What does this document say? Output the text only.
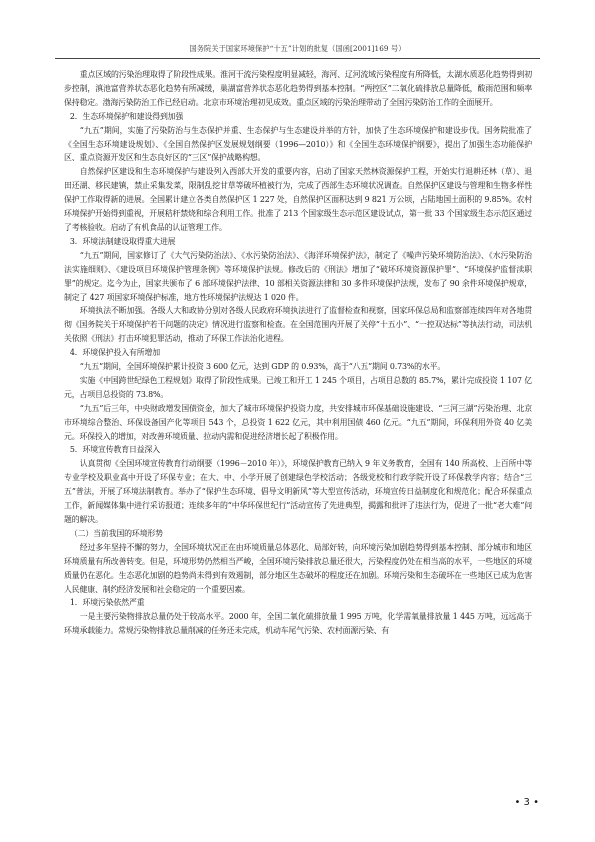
国务院关于国家环境保护“十五”计划的批复（国函[2001]169 号）

重点区域的污染治理取得了阶段性成果。淮河干流污染程度明显减轻，海河、辽河流域污染程度有所降低，太湖水质恶化趋势得到初步控制，滇池富营养状态恶化趋势有所减缓，巢湖富营养状态恶化趋势得到基本控制。“两控区”二氧化硫排放总量降低，酸雨范围和频率保持稳定。渤海污染防治工作已经启动。北京市环境治理初见成效。重点区域的污染治理带动了全国污染防治工作的全面展开。

2．生态环境保护和建设得到加强

“九五”期间，实施了污染防治与生态保护并重、生态保护与生态建设并举的方针，加快了生态环境保护和建设步伐。国务院批准了《全国生态环境建设规划》、《全国自然保护区发展规划纲要（1996—2010）》和《全国生态环境保护纲要》，提出了加强生态功能保护区、重点资源开发区和生态良好区的“三区”保护战略构想。

自然保护区建设和生态环境保护与建设列入西部大开发的重要内容，启动了国家天然林资源保护工程，开始实行退耕还林（草）、退田还湖、移民建镇，禁止采集发菜，限制乱挖甘草等破坏植被行为，完成了西部生态环境状况调查。自然保护区建设与管理和生物多样性保护工作取得新的进展。全国累计建立各类自然保护区 1 227 处，自然保护区面积达到 9 821 万公顷，占陆地国土面积的 9.85%。农村环境保护开始得到重视，开展秸秆禁烧和综合利用工作。批准了 213 个国家级生态示范区建设试点，第一批 33 个国家级生态示范区通过了考核验收。启动了有机食品的认证管理工作。

3．环境法制建设取得重大进展

“九五”期间，国家修订了《大气污染防治法》、《水污染防治法》、《海洋环境保护法》，制定了《噪声污染环境防治法》、《水污染防治法实施细则》、《建设项目环境保护管理条例》等环境保护法规。修改后的《刑法》增加了“破坏环境资源保护罪”、“环境保护监督渎职罪”的规定。迄今为止，国家共颁布了 6 部环境保护法律、10 部相关资源法律和 30 多件环境保护法规，发布了 90 余件环境保护规章，制定了 427 项国家环境保护标准，地方性环境保护法规达 1 020 件。

环境执法不断加强。各级人大和政协分别对各级人民政府环境执法进行了监督检查和视察，国家环保总局和监察部连续四年对各地贯彻《国务院关于环境保护若干问题的决定》情况进行监察和检查。在全国范围内开展了关停“十五小”、“一控双达标”等执法行动，司法机关依照《刑法》打击环境犯罪活动，推动了环保工作法治化进程。

4．环境保护投入有所增加

“九五”期间，全国环境保护累计投资 3 600 亿元，达到 GDP 的 0.93%，高于“八五”期间 0.73%的水平。

实施《中国跨世纪绿色工程规划》取得了阶段性成果。已竣工和开工 1 245 个项目，占项目总数的 85.7%，累计完成投资 1 107 亿元，占项目总投资的 73.8%。

“九五”后三年，中央财政增发国债资金，加大了城市环境保护投资力度，共安排城市环保基础设施建设、“三河三湖”污染治理、北京市环境综合整治、环保设备国产化等项目 543 个，总投资 1 622 亿元，其中利用国债 460 亿元。“九五”期间，环保利用外资 40 亿美元。环保投入的增加，对改善环境质量、拉动内需和促进经济增长起了积极作用。

5．环境宣传教育日益深入

认真贯彻《全国环境宣传教育行动纲要（1996－2010 年）》，环境保护教育已纳入 9 年义务教育，全国有 140 所高校、上百所中等专业学校及职业高中开设了环保专业；在大、中、小学开展了创建绿色学校活动；各级党校和行政学院开设了环保教学内容；结合“三五”普法，开展了环境法制教育。举办了“保护生态环境、倡导文明新风”等大型宣传活动，环境宣传日益制度化和规范化；配合环保重点工作，新闻媒体集中进行采访报道；连续多年的“中华环保世纪行”活动宣传了先进典型，揭露和批评了违法行为，促进了一批“老大难”问题的解决。

（二）当前我国的环境形势

经过多年坚持不懈的努力，全国环境状况正在由环境质量总体恶化、局部好转，向环境污染加剧趋势得到基本控制、部分城市和地区环境质量有所改善转变。但是，环境形势仍然相当严峻，全国环境污染排放总量还很大，污染程度仍处在相当高的水平，一些地区的环境质量仍在恶化。生态恶化加剧的趋势尚未得到有效遏制，部分地区生态破坏的程度还在加剧。环境污染和生态破坏在一些地区已成为危害人民健康、制约经济发展和社会稳定的一个重要因素。

1．环境污染依然严重

一是主要污染物排放总量仍处于较高水平。2000 年，全国二氧化硫排放量 1 995 万吨，化学需氧量排放量 1 445 万吨，远远高于环境承载能力。常规污染物排放总量削减的任务还未完成，机动车尾气污染、农村面源污染、有

• 3 •
